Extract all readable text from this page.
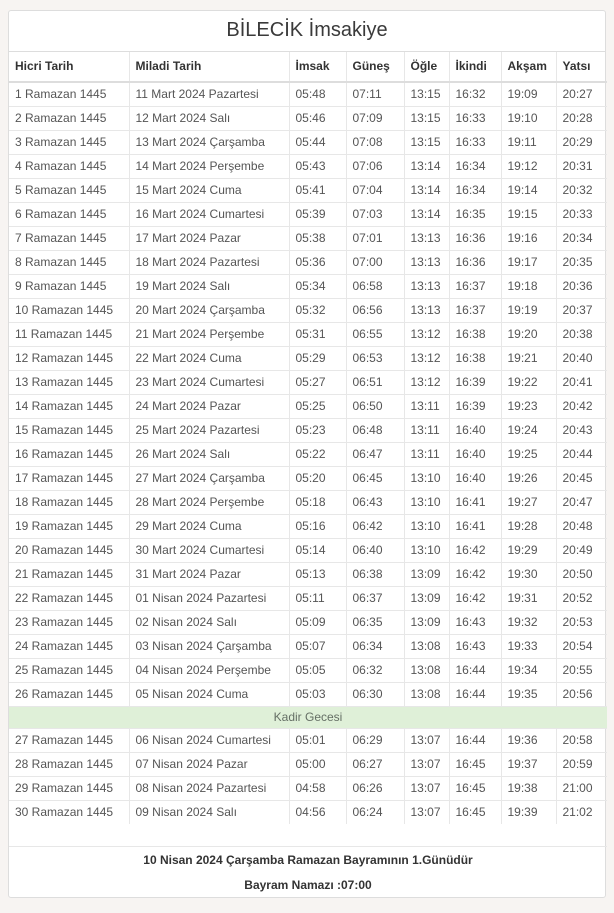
BİLECİK İmsakiye
Hicri Tarih	Miladi Tarih	İmsak	Güneş	Öğle	İkindi	Akşam	Yatsı
1 Ramazan 1445	11 Mart 2024 Pazartesi	05:48	07:11	13:15	16:32	19:09	20:27
2 Ramazan 1445	12 Mart 2024 Salı	05:46	07:09	13:15	16:33	19:10	20:28
3 Ramazan 1445	13 Mart 2024 Çarşamba	05:44	07:08	13:15	16:33	19:11	20:29
4 Ramazan 1445	14 Mart 2024 Perşembe	05:43	07:06	13:14	16:34	19:12	20:31
5 Ramazan 1445	15 Mart 2024 Cuma	05:41	07:04	13:14	16:34	19:14	20:32
6 Ramazan 1445	16 Mart 2024 Cumartesi	05:39	07:03	13:14	16:35	19:15	20:33
7 Ramazan 1445	17 Mart 2024 Pazar	05:38	07:01	13:13	16:36	19:16	20:34
8 Ramazan 1445	18 Mart 2024 Pazartesi	05:36	07:00	13:13	16:36	19:17	20:35
9 Ramazan 1445	19 Mart 2024 Salı	05:34	06:58	13:13	16:37	19:18	20:36
10 Ramazan 1445	20 Mart 2024 Çarşamba	05:32	06:56	13:13	16:37	19:19	20:37
11 Ramazan 1445	21 Mart 2024 Perşembe	05:31	06:55	13:12	16:38	19:20	20:38
12 Ramazan 1445	22 Mart 2024 Cuma	05:29	06:53	13:12	16:38	19:21	20:40
13 Ramazan 1445	23 Mart 2024 Cumartesi	05:27	06:51	13:12	16:39	19:22	20:41
14 Ramazan 1445	24 Mart 2024 Pazar	05:25	06:50	13:11	16:39	19:23	20:42
15 Ramazan 1445	25 Mart 2024 Pazartesi	05:23	06:48	13:11	16:40	19:24	20:43
16 Ramazan 1445	26 Mart 2024 Salı	05:22	06:47	13:11	16:40	19:25	20:44
17 Ramazan 1445	27 Mart 2024 Çarşamba	05:20	06:45	13:10	16:40	19:26	20:45
18 Ramazan 1445	28 Mart 2024 Perşembe	05:18	06:43	13:10	16:41	19:27	20:47
19 Ramazan 1445	29 Mart 2024 Cuma	05:16	06:42	13:10	16:41	19:28	20:48
20 Ramazan 1445	30 Mart 2024 Cumartesi	05:14	06:40	13:10	16:42	19:29	20:49
21 Ramazan 1445	31 Mart 2024 Pazar	05:13	06:38	13:09	16:42	19:30	20:50
22 Ramazan 1445	01 Nisan 2024 Pazartesi	05:11	06:37	13:09	16:42	19:31	20:52
23 Ramazan 1445	02 Nisan 2024 Salı	05:09	06:35	13:09	16:43	19:32	20:53
24 Ramazan 1445	03 Nisan 2024 Çarşamba	05:07	06:34	13:08	16:43	19:33	20:54
25 Ramazan 1445	04 Nisan 2024 Perşembe	05:05	06:32	13:08	16:44	19:34	20:55
26 Ramazan 1445	05 Nisan 2024 Cuma	05:03	06:30	13:08	16:44	19:35	20:56
Kadir Gecesi							
27 Ramazan 1445	06 Nisan 2024 Cumartesi	05:01	06:29	13:07	16:44	19:36	20:58
28 Ramazan 1445	07 Nisan 2024 Pazar	05:00	06:27	13:07	16:45	19:37	20:59
29 Ramazan 1445	08 Nisan 2024 Pazartesi	04:58	06:26	13:07	16:45	19:38	21:00
30 Ramazan 1445	09 Nisan 2024 Salı	04:56	06:24	13:07	16:45	19:39	21:02

10 Nisan 2024 Çarşamba Ramazan Bayramının 1.Günüdür
Bayram Namazı :07:00							
